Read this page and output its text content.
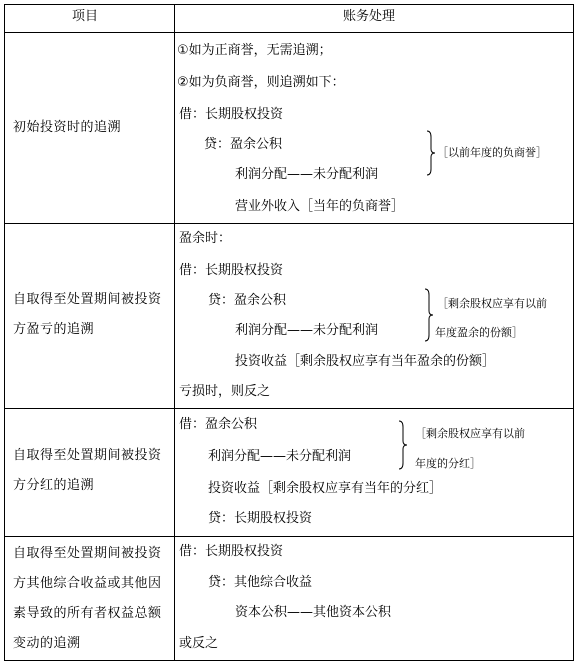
项目	账务处理
初始投资时的追溯
①如为正商誉，无需追溯；
②如为负商誉，则追溯如下：
借：长期股权投资
贷：盈余公积
利润分配——未分配利润
营业外收入［当年的负商誉］
［以前年度的负商誉］
自取得至处置期间被投资方盈亏的追溯
盈余时：
借：长期股权投资
贷：盈余公积
利润分配——未分配利润
投资收益［剩余股权应享有当年盈余的份额］
亏损时，则反之
［剩余股权应享有以前
年度盈余的份额］
自取得至处置期间被投资方分红的追溯
借：盈余公积
利润分配——未分配利润
投资收益［剩余股权应享有当年的分红］
贷：长期股权投资
［剩余股权应享有以前
年度的分红］
自取得至处置期间被投资方其他综合收益或其他因素导致的所有者权益总额变动的追溯
借：长期股权投资
贷：其他综合收益
资本公积——其他资本公积
或反之
